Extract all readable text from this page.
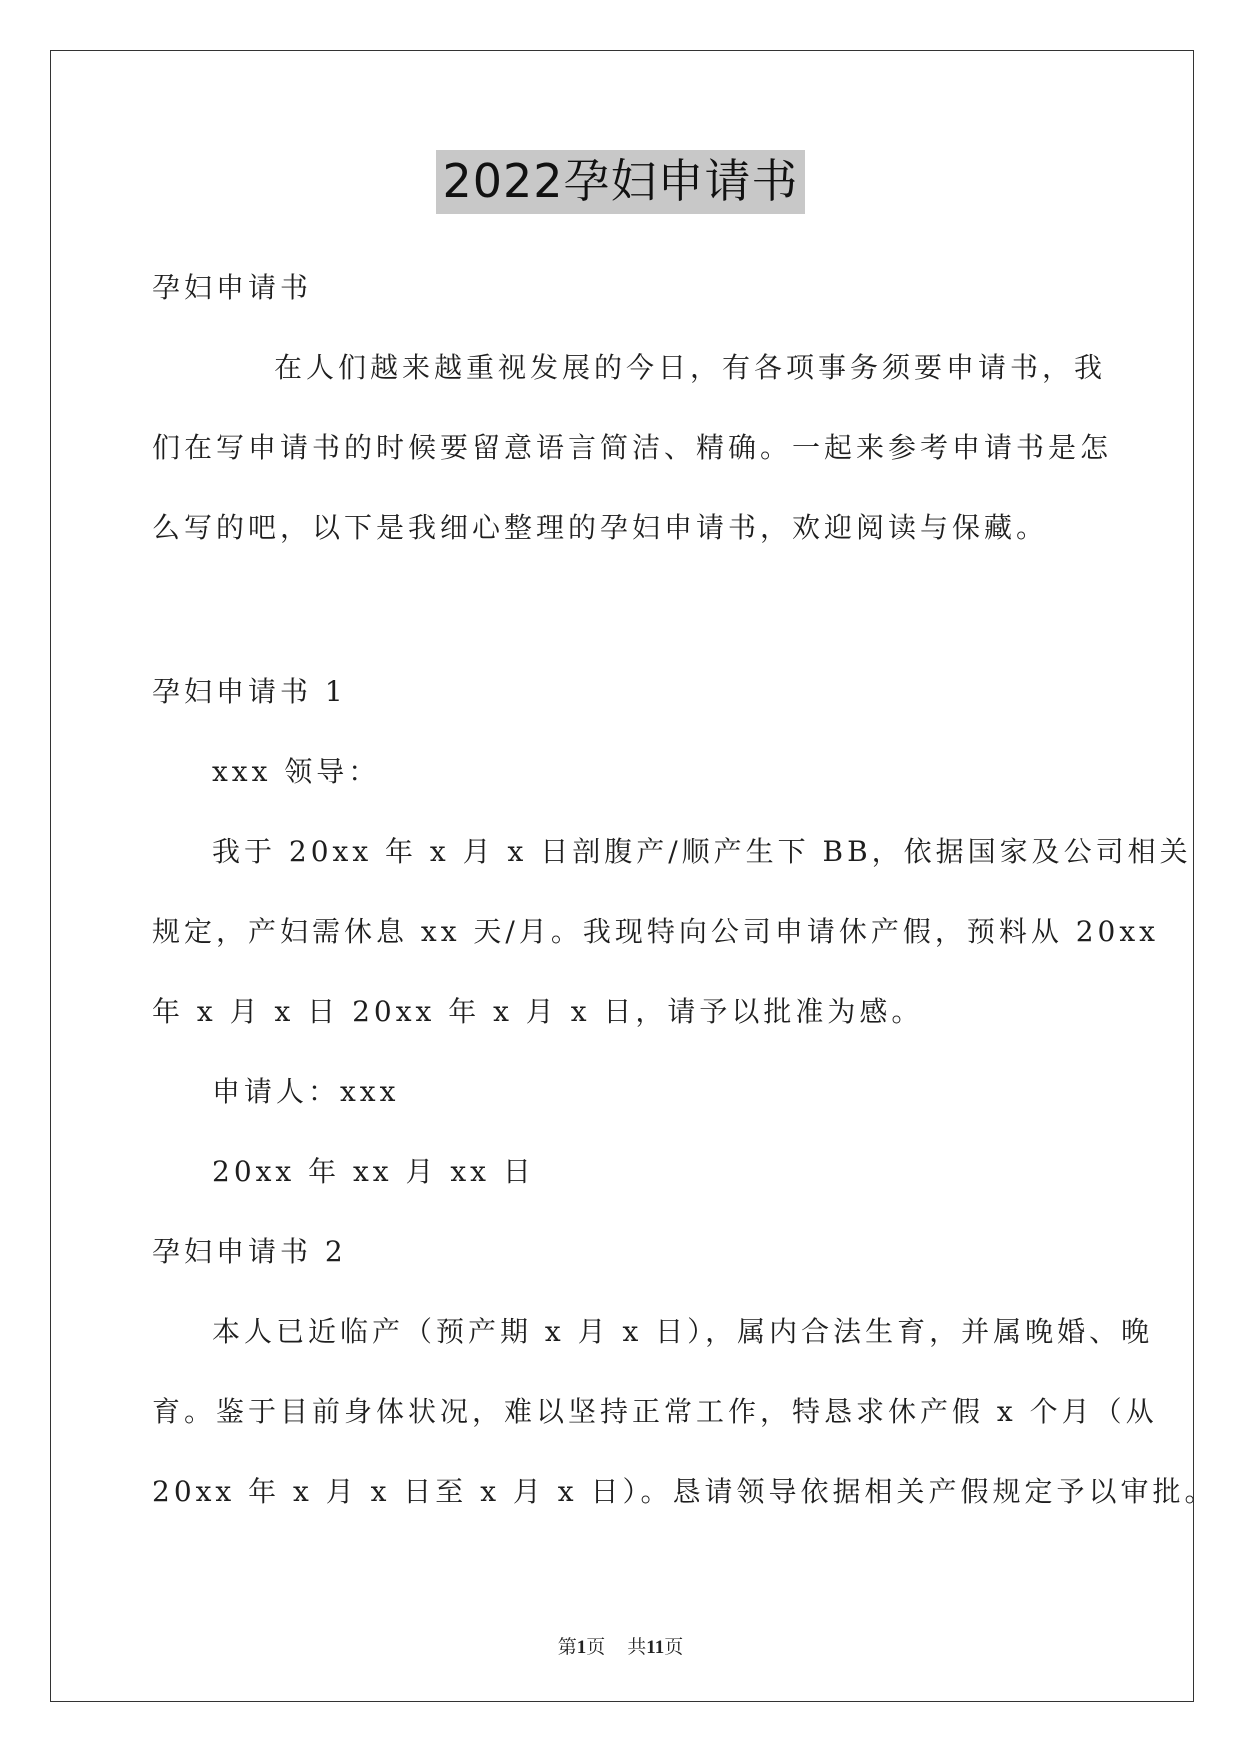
2022孕妇申请书
孕妇申请书
在人们越来越重视发展的今日，有各项事务须要申请书，我
们在写申请书的时候要留意语言简洁、精确。一起来参考申请书是怎
么写的吧，以下是我细心整理的孕妇申请书，欢迎阅读与保藏。
孕妇申请书 1
xxx 领导：
我于 20xx 年 x 月 x 日剖腹产/顺产生下 BB，依据国家及公司相关
规定，产妇需休息 xx 天/月。我现特向公司申请休产假，预料从 20xx
年 x 月 x 日 20xx 年 x 月 x 日，请予以批准为感。
申请人：xxx
20xx 年 xx 月 xx 日
孕妇申请书 2
本人已近临产（预产期 x 月 x 日），属内合法生育，并属晚婚、晚
育。鉴于目前身体状况，难以坚持正常工作，特恳求休产假 x 个月（从
20xx 年 x 月 x 日至 x 月 x 日）。恳请领导依据相关产假规定予以审批。
第1页 共11页
